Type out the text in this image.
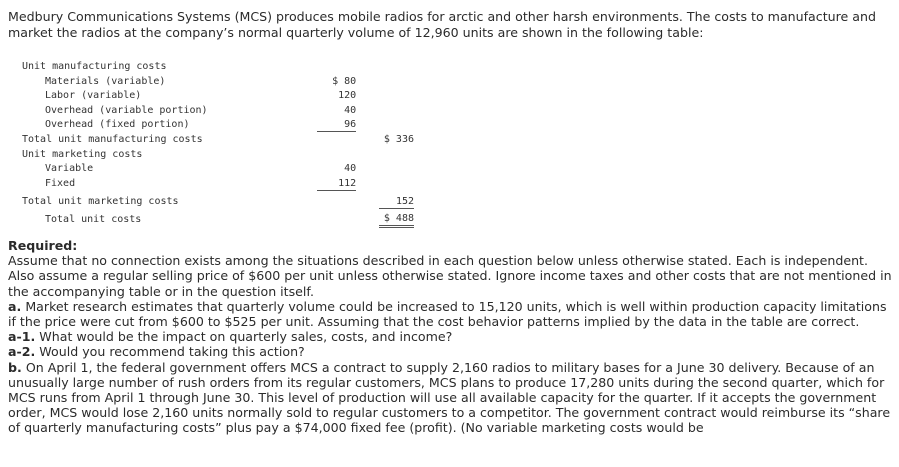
Medbury Communications Systems (MCS) produces mobile radios for arctic and other harsh environments. The costs to manufacture and market the radios at the company’s normal quarterly volume of 12,960 units are shown in the following table:
Unit manufacturing costs			
Materials (variable)	$ 80		
Labor (variable)	120		
Overhead (variable portion)	40		
Overhead (fixed portion)	96		
Total unit manufacturing costs			$ 336
Unit marketing costs			
Variable	40		
Fixed	112		
Total unit marketing costs			152
Total unit costs			$ 488

Required:

Assume that no connection exists among the situations described in each question below unless otherwise stated. Each is independent. Also assume a regular selling price of $600 per unit unless otherwise stated. Ignore income taxes and other costs that are not mentioned in the accompanying table or in the question itself.

a. Market research estimates that quarterly volume could be increased to 15,120 units, which is well within production capacity limitations if the price were cut from $600 to $525 per unit. Assuming that the cost behavior patterns implied by the data in the table are correct.

a-1. What would be the impact on quarterly sales, costs, and income?

a-2. Would you recommend taking this action?

b. On April 1, the federal government offers MCS a contract to supply 2,160 radios to military bases for a June 30 delivery. Because of an unusually large number of rush orders from its regular customers, MCS plans to produce 17,280 units during the second quarter, which for MCS runs from April 1 through June 30. This level of production will use all available capacity for the quarter. If it accepts the government order, MCS would lose 2,160 units normally sold to regular customers to a competitor. The government contract would reimburse its “share of quarterly manufacturing costs” plus pay a $74,000 fixed fee (profit). (No variable marketing costs would be
